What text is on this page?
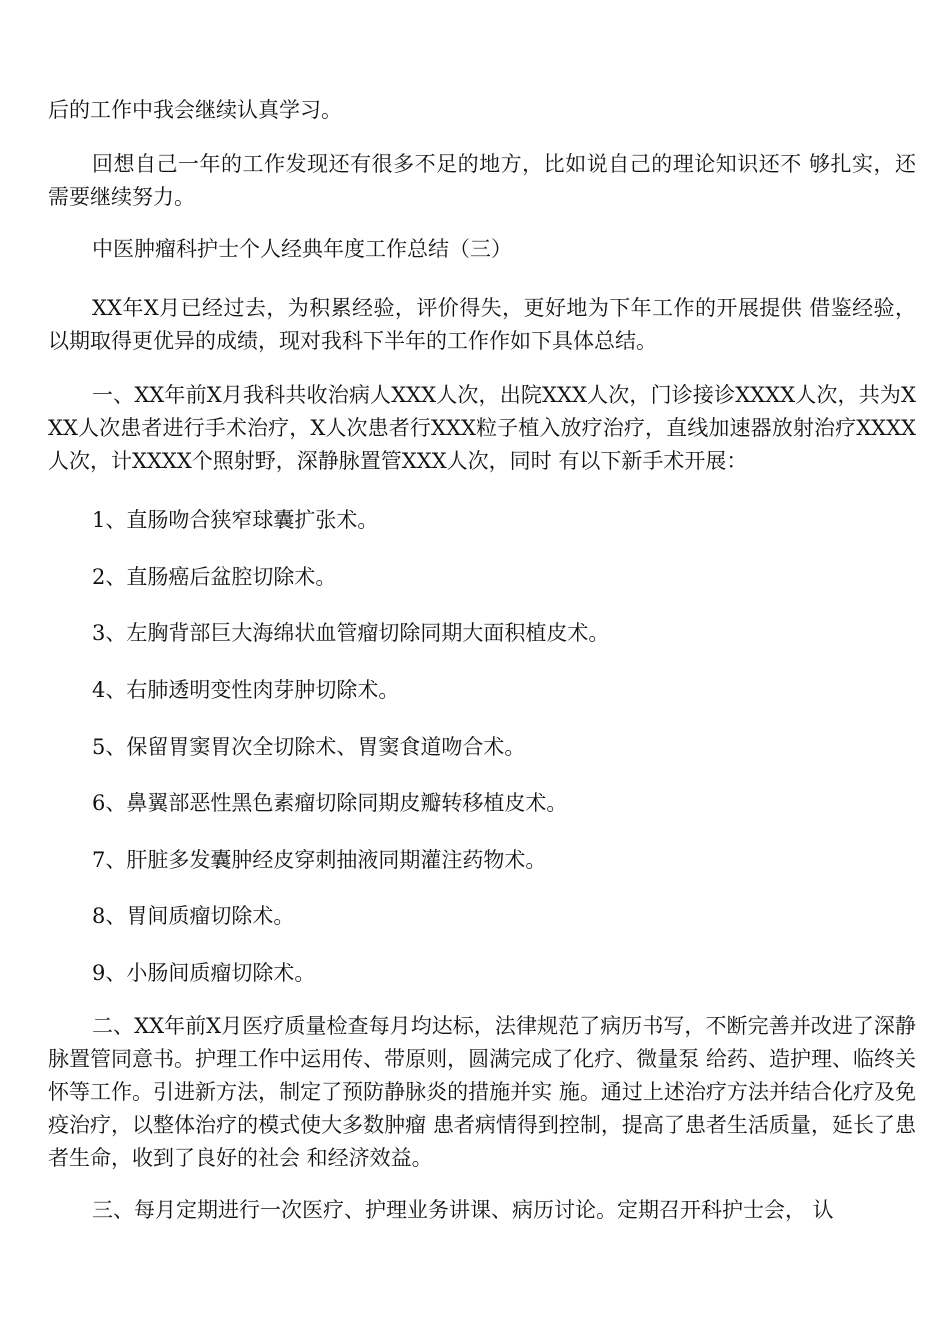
后的工作中我会继续认真学习。

回想自己一年的工作发现还有很多不足的地方，比如说自己的理论知识还不 够扎实，还需要继续努力。

中医肿瘤科护士个人经典年度工作总结（三）

XX年X月已经过去，为积累经验，评价得失，更好地为下年工作的开展提供 借鉴经验，以期取得更优异的成绩，现对我科下半年的工作作如下具体总结。

一、XX年前X月我科共收治病人XXX人次，出院XXX人次，门诊接诊XXXX人次，共为XXX人次患者进行手术治疗，X人次患者行XXX粒子植入放疗治疗，直线加速器放射治疗XXXX人次，计XXXX个照射野，深静脉置管XXX人次，同时 有以下新手术开展：

1、直肠吻合狭窄球囊扩张术。

2、直肠癌后盆腔切除术。

3、左胸背部巨大海绵状血管瘤切除同期大面积植皮术。

4、右肺透明变性肉芽肿切除术。

5、保留胃窦胃次全切除术、胃窦食道吻合术。

6、鼻翼部恶性黑色素瘤切除同期皮瓣转移植皮术。

7、肝脏多发囊肿经皮穿刺抽液同期灌注药物术。

8、胃间质瘤切除术。

9、小肠间质瘤切除术。

二、XX年前X月医疗质量检查每月均达标，法律规范了病历书写，不断完善并改进了深静脉置管同意书。护理工作中运用传、带原则，圆满完成了化疗、微量泵 给药、造护理、临终关怀等工作。引进新方法，制定了预防静脉炎的措施并实 施。通过上述治疗方法并结合化疗及免疫治疗，以整体治疗的模式使大多数肿瘤 患者病情得到控制，提高了患者生活质量，延长了患者生命，收到了良好的社会 和经济效益。

三、每月定期进行一次医疗、护理业务讲课、病历讨论。定期召开科护士会， 认
